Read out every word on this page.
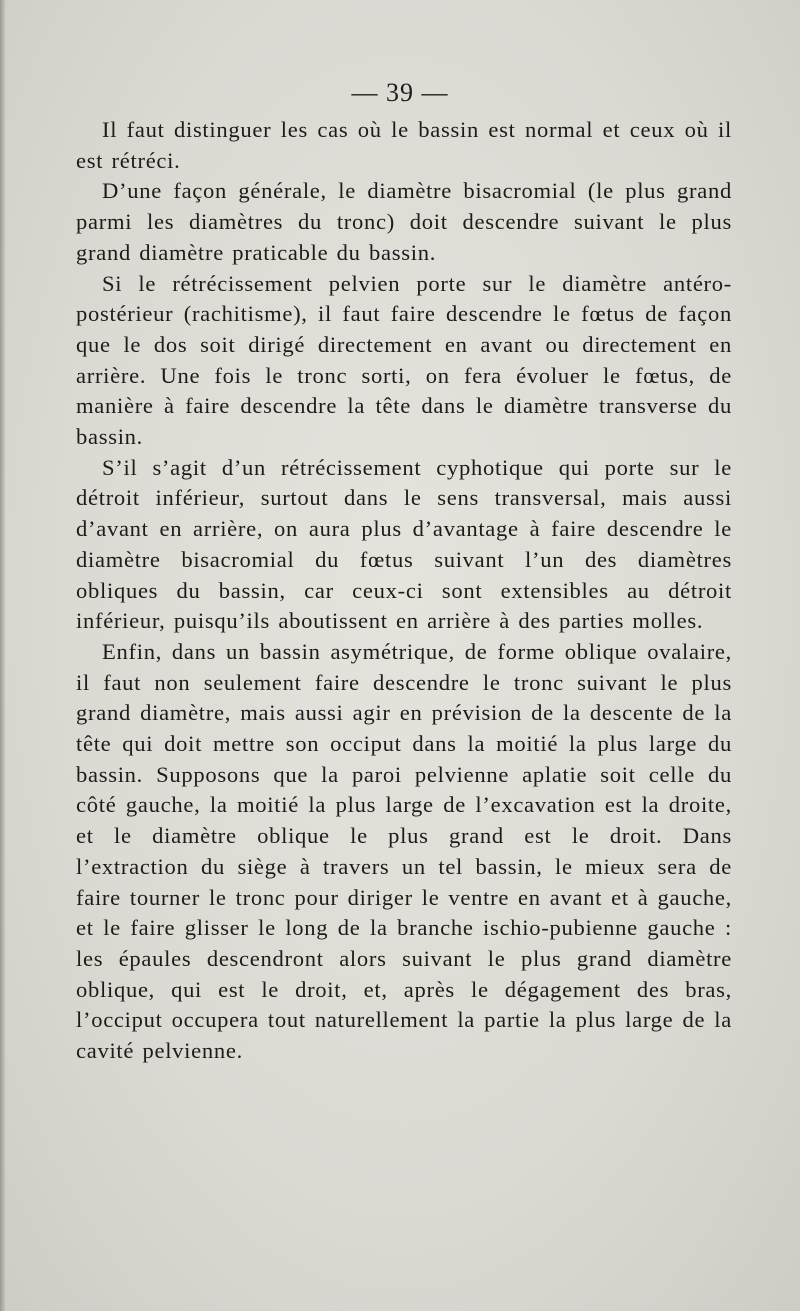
— 39 —

Il faut distinguer les cas où le bassin est normal et ceux où il est rétréci.

D’une façon générale, le diamètre bisacromial (le plus grand parmi les diamètres du tronc) doit descendre suivant le plus grand diamètre praticable du bassin.

Si le rétrécissement pelvien porte sur le diamètre antéro-postérieur (rachitisme), il faut faire descendre le fœtus de façon que le dos soit dirigé directement en avant ou directement en arrière. Une fois le tronc sorti, on fera évoluer le fœtus, de manière à faire descendre la tête dans le diamètre transverse du bassin.

S’il s’agit d’un rétrécissement cyphotique qui porte sur le détroit inférieur, surtout dans le sens transversal, mais aussi d’avant en arrière, on aura plus d’avantage à faire descendre le diamètre bisacromial du fœtus suivant l’un des diamètres obliques du bassin, car ceux-ci sont extensibles au détroit inférieur, puisqu’ils aboutissent en arrière à des parties molles.

Enfin, dans un bassin asymétrique, de forme oblique ovalaire, il faut non seulement faire descendre le tronc suivant le plus grand diamètre, mais aussi agir en prévision de la descente de la tête qui doit mettre son occiput dans la moitié la plus large du bassin. Supposons que la paroi pelvienne aplatie soit celle du côté gauche, la moitié la plus large de l’excavation est la droite, et le diamètre oblique le plus grand est le droit. Dans l’extraction du siège à travers un tel bassin, le mieux sera de faire tourner le tronc pour diriger le ventre en avant et à gauche, et le faire glisser le long de la branche ischio-pubienne gauche : les épaules descendront alors suivant le plus grand diamètre oblique, qui est le droit, et, après le dégagement des bras, l’occiput occupera tout naturellement la partie la plus large de la cavité pelvienne.
